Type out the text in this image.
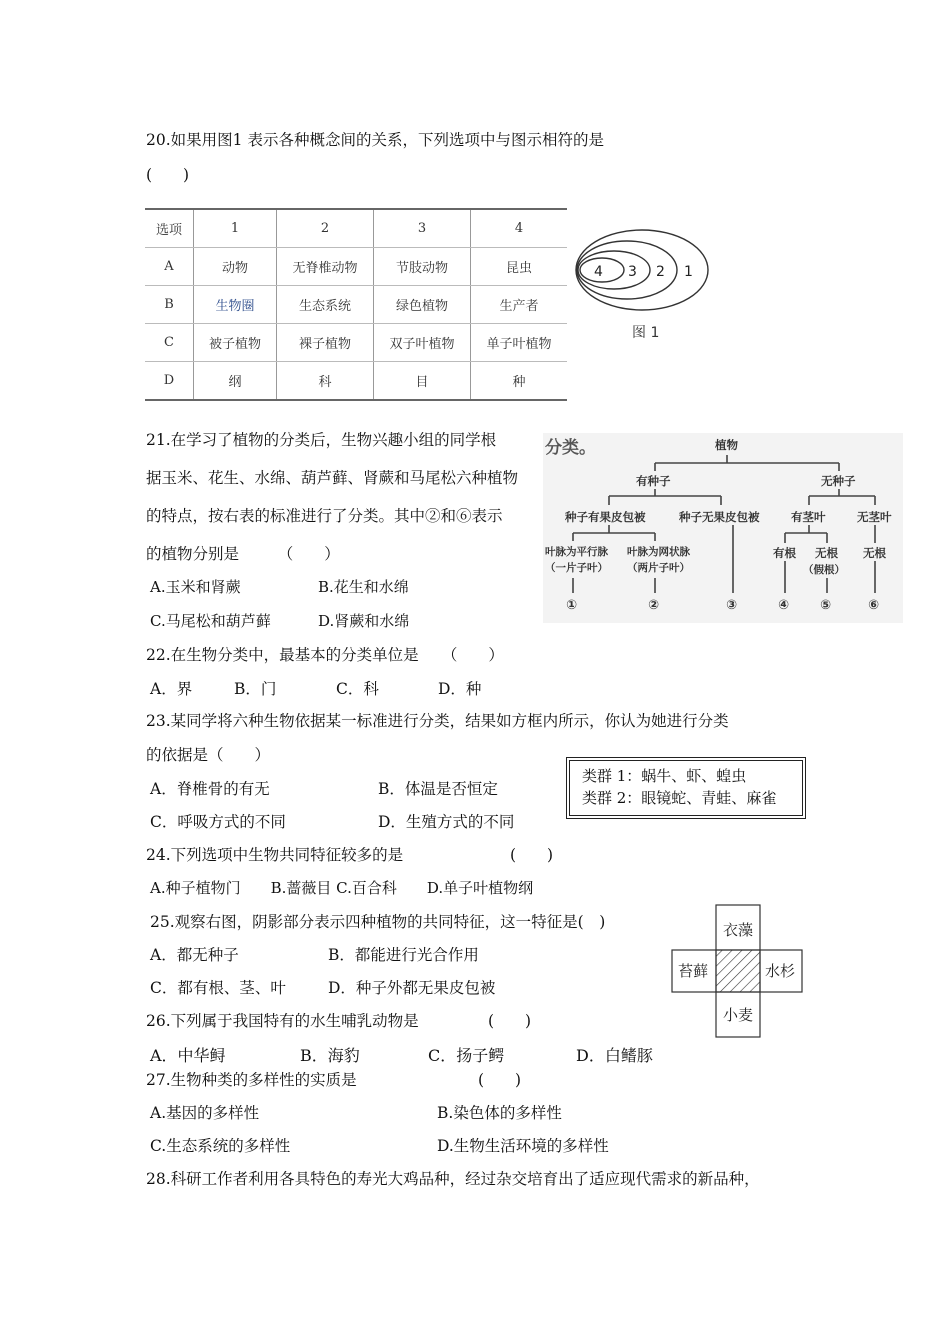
20.如果用图1 表示各种概念间的关系，下列选项中与图示相符的是
(　　)
选项	1	2	3	4
A	动物	无脊椎动物	节肢动物	昆虫
B	生物圈	生态系统	绿色植物	生产者
C	被子植物	裸子植物	双子叶植物	单子叶植物
D	纲	科	目	种
4 3 2 1
图 1
21.在学习了植物的分类后，生物兴趣小组的同学根
据玉米、花生、水绵、葫芦藓、肾蕨和马尾松六种植物
的特点，按右表的标准进行了分类。其中②和⑥表示
的植物分别是　　　（　　）
A.玉米和肾蕨	B.花生和水绵
C.马尾松和葫芦藓	D.肾蕨和水绵
分类。	植物
有种子	无种子
种子有果皮包被	种子无果皮包被	有茎叶	无茎叶
叶脉为平行脉
（一片子叶）
叶脉为网状脉
（两片子叶）
有根 无根
（假根）
无根
①	②	③	④ ⑤	⑥
22.在生物分类中，最基本的分类单位是　　（　　）
A．界	B．门	C．科	D．种
23.某同学将六种生物依据某一标准进行分类，结果如方框内所示，你认为她进行分类
的依据是（　　）
A．脊椎骨的有无	B．体温是否恒定
C．呼吸方式的不同	D．生殖方式的不同
类群 1：蜗牛、虾、蝗虫
类群 2：眼镜蛇、青蛙、麻雀
24.下列选项中生物共同特征较多的是	(　　)
A.种子植物门　　B.蔷薇目 C.百合科　　D.单子叶植物纲
25.观察右图，阴影部分表示四种植物的共同特征，这一特征是(　)
A．都无种子	B．都能进行光合作用
C．都有根、茎、叶	D．种子外都无果皮包被
衣藻
苔藓	水杉
小麦
26.下列属于我国特有的水生哺乳动物是	(　　)
A．中华鲟	B．海豹	C．扬子鳄	D．白鳍豚
27.生物种类的多样性的实质是	(　　)
A.基因的多样性	B.染色体的多样性
C.生态系统的多样性	D.生物生活环境的多样性
28.科研工作者利用各具特色的寿光大鸡品种，经过杂交培育出了适应现代需求的新品种，
